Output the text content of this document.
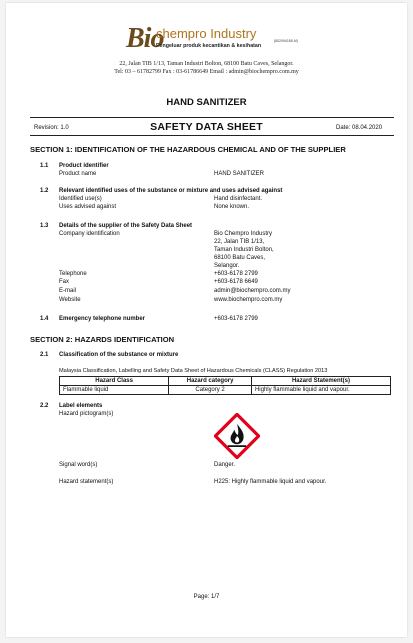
Bio
chempro Industry	(802094185-M)
Pengeluar produk kecantikan & kesihatan
22, Jalan TIB 1/13, Taman Industri Bolton, 68100 Batu Caves, Selangor.
Tel: 03 – 61782799 Fax : 03-61786649 Email : admin@biochempro.com.my
HAND SANITIZER
Revision: 1.0	SAFETY DATA SHEET	Date: 08.04.2020
SECTION 1: IDENTIFICATION OF THE HAZARDOUS CHEMICAL AND OF THE SUPPLIER
1.1 Product identifier
Product name	HAND SANITIZER
1.2 Relevant identified uses of the substance or mixture and uses advised against
Identified use(s)	Hand disinfectant.
Uses advised against	None known.
1.3 Details of the supplier of the Safety Data Sheet
Company identification	Bio Chempro Industry
22, Jalan TIB 1/13,
Taman Industri Bolton,
68100 Batu Caves,
Selangor.
Telephone	+603-6178 2799
Fax	+603-6178 6649
E-mail	admin@biochempro.com.my
Website	www.biochempro.com.my
1.4 Emergency telephone number	+603-6178 2799
SECTION 2: HAZARDS IDENTIFICATION
2.1 Classification of the substance or mixture
Malaysia Classification, Labelling and Safety Data Sheet of Hazardous Chemicals (CLASS) Regulation 2013
Hazard Class	Hazard category	Hazard Statement(s)
Flammable liquid	Category 2	Highly flammable liquid and vapour.
2.2 Label elements
Hazard pictogram(s)
Signal word(s)	Danger.
Hazard statement(s)	H225: Highly flammable liquid and vapour.
Page: 1/7
